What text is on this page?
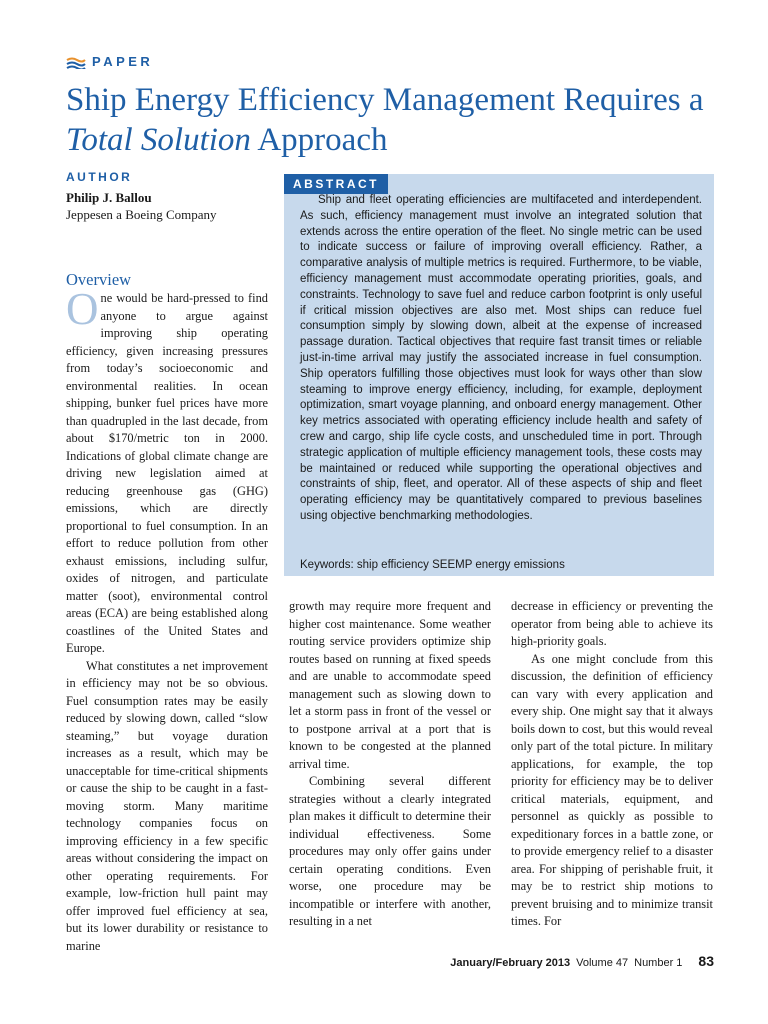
PAPER
Ship Energy Efficiency Management Requires a Total Solution Approach
AUTHOR
Philip J. Ballou
Jeppesen a Boeing Company
ABSTRACT

Ship and fleet operating efficiencies are multifaceted and interdependent. As such, efficiency management must involve an integrated solution that extends across the entire operation of the fleet. No single metric can be used to indicate success or failure of improving overall efficiency. Rather, a comparative analysis of multiple metrics is required. Furthermore, to be viable, efficiency management must accommodate operating priorities, goals, and constraints. Technology to save fuel and reduce carbon footprint is only useful if critical mission objectives are also met. Most ships can reduce fuel consumption simply by slowing down, albeit at the expense of increased passage duration. Tactical objectives that require fast transit times or reliable just-in-time arrival may justify the associated increase in fuel consumption. Ship operators fulfilling those objectives must look for ways other than slow steaming to improve energy efficiency, including, for example, deployment optimization, smart voyage planning, and onboard energy management. Other key metrics associated with operating efficiency include health and safety of crew and cargo, ship life cycle costs, and unscheduled time in port. Through strategic application of multiple efficiency management tools, these costs may be maintained or reduced while supporting the operational objectives and constraints of ship, fleet, and operator. All of these aspects of ship and fleet operating efficiency may be quantitatively compared to previous baselines using objective benchmarking methodologies.

Keywords: ship efficiency SEEMP energy emissions

Overview

One would be hard-pressed to find anyone to argue against improving ship operating efficiency, given increasing pressures from today’s socioeconomic and environmental realities. In ocean shipping, bunker fuel prices have more than quadrupled in the last decade, from about $170/metric ton in 2000. Indications of global climate change are driving new legislation aimed at reducing greenhouse gas (GHG) emissions, which are directly proportional to fuel consumption. In an effort to reduce pollution from other exhaust emissions, including sulfur, oxides of nitrogen, and particulate matter (soot), environmental control areas (ECA) are being established along coastlines of the United States and Europe.

What constitutes a net improvement in efficiency may not be so obvious. Fuel consumption rates may be easily reduced by slowing down, called “slow steaming,” but voyage duration increases as a result, which may be unacceptable for time-critical shipments or cause the ship to be caught in a fast-moving storm. Many maritime technology companies focus on improving efficiency in a few specific areas without considering the impact on other operating requirements. For example, low-friction hull paint may offer improved fuel efficiency at sea, but its lower durability or resistance to marine

growth may require more frequent and higher cost maintenance. Some weather routing service providers optimize ship routes based on running at fixed speeds and are unable to accommodate speed management such as slowing down to let a storm pass in front of the vessel or to postpone arrival at a port that is known to be congested at the planned arrival time.

Combining several different strategies without a clearly integrated plan makes it difficult to determine their individual effectiveness. Some procedures may only offer gains under certain operating conditions. Even worse, one procedure may be incompatible or interfere with another, resulting in a net

decrease in efficiency or preventing the operator from being able to achieve its high-priority goals.

As one might conclude from this discussion, the definition of efficiency can vary with every application and every ship. One might say that it always boils down to cost, but this would reveal only part of the total picture. In military applications, for example, the top priority for efficiency may be to deliver critical materials, equipment, and personnel as quickly as possible to expeditionary forces in a battle zone, or to provide emergency relief to a disaster area. For shipping of perishable fruit, it may be to restrict ship motions to prevent bruising and to minimize transit times. For

January/February 2013 Volume 47 Number 1 83
